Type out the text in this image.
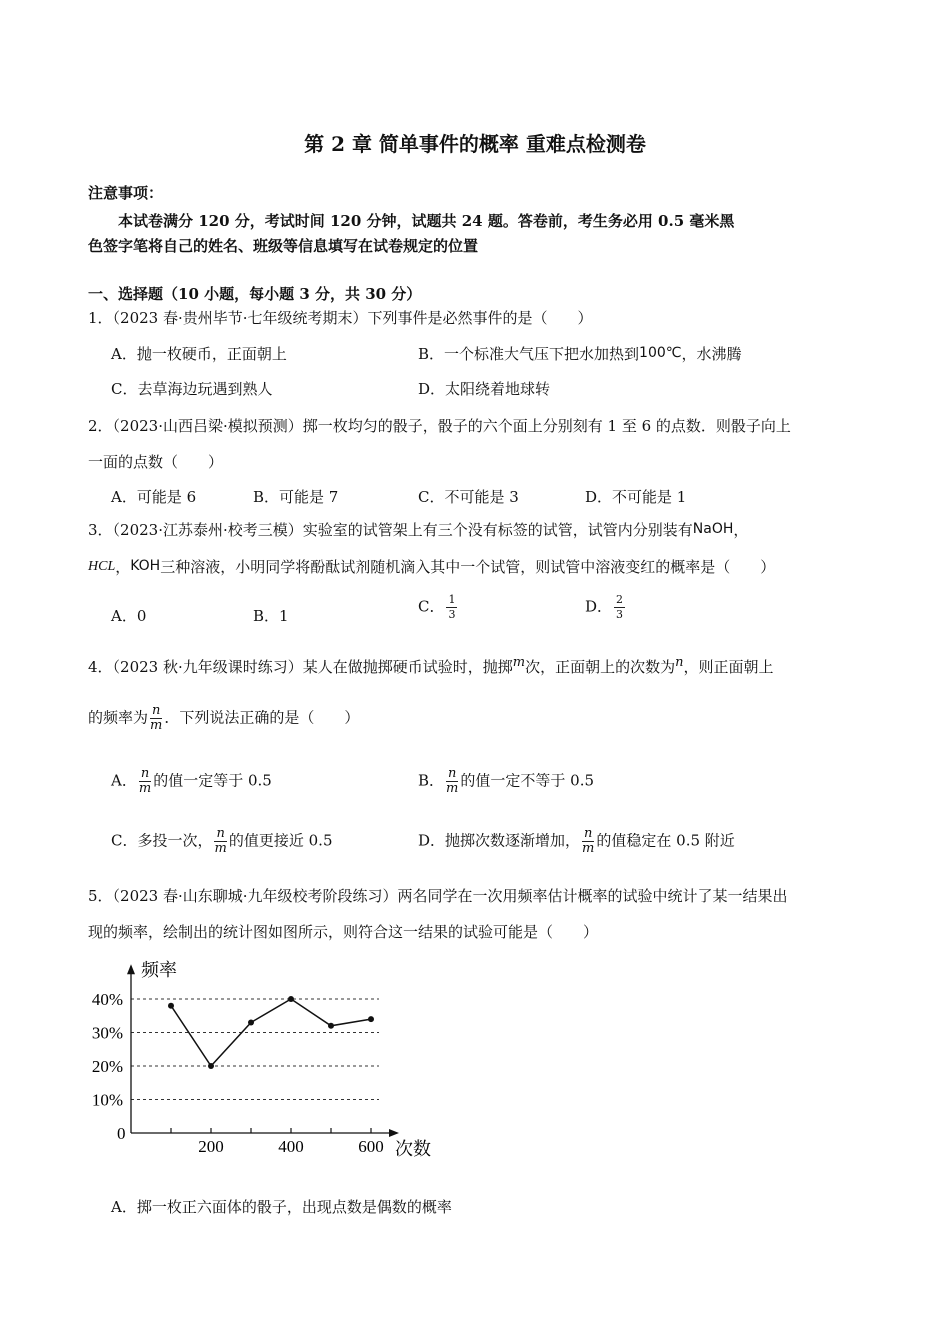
第 2 章 简单事件的概率 重难点检测卷
注意事项：
本试卷满分 120 分，考试时间 120 分钟，试题共 24 题。答卷前，考生务必用 0.5 毫米黑
色签字笔将自己的姓名、班级等信息填写在试卷规定的位置
一、选择题（10 小题，每小题 3 分，共 30 分）
1．（2023 春·贵州毕节·七年级统考期末）下列事件是必然事件的是（　　）
A．抛一枚硬币，正面朝上	B．一个标准大气压下把水加热到100℃，水沸腾
C．去草海边玩遇到熟人	D．太阳绕着地球转
2．（2023·山西吕梁·模拟预测）掷一枚均匀的骰子，骰子的六个面上分别刻有 1 至 6 的点数．则骰子向上
一面的点数（　　）
A．可能是 6	B．可能是 7	C．不可能是 3	D．不可能是 1
3．（2023·江苏泰州·校考三模）实验室的试管架上有三个没有标签的试管，试管内分别装有NaOH，
HCL，KOH三种溶液，小明同学将酚酞试剂随机滴入其中一个试管，则试管中溶液变红的概率是（　　）
A．0	B．1
C． $\frac{1}{3}$	D． $\frac{2}{3}$
4．（2023 秋·九年级课时练习）某人在做抛掷硬币试验时，抛掷m次，正面朝上的次数为n，则正面朝上
的频率为 $\frac{n}{m}$ ．下列说法正确的是（　　）
A． $\frac{n}{m}$ 的值一定等于 0.5	B． $\frac{n}{m}$ 的值一定不等于 0.5
C．多投一次， $\frac{n}{m}$ 的值更接近 0.5	D．抛掷次数逐渐增加， $\frac{n}{m}$ 的值稳定在 0.5 附近
5．（2023 春·山东聊城·九年级校考阶段练习）两名同学在一次用频率估计概率的试验中统计了某一结果出
现的频率，绘制出的统计图如图所示，则符合这一结果的试验可能是（　　）
10%
20%
30%
40%
频率
次数
0
200	400	600
A．掷一枚正六面体的骰子，出现点数是偶数的概率
